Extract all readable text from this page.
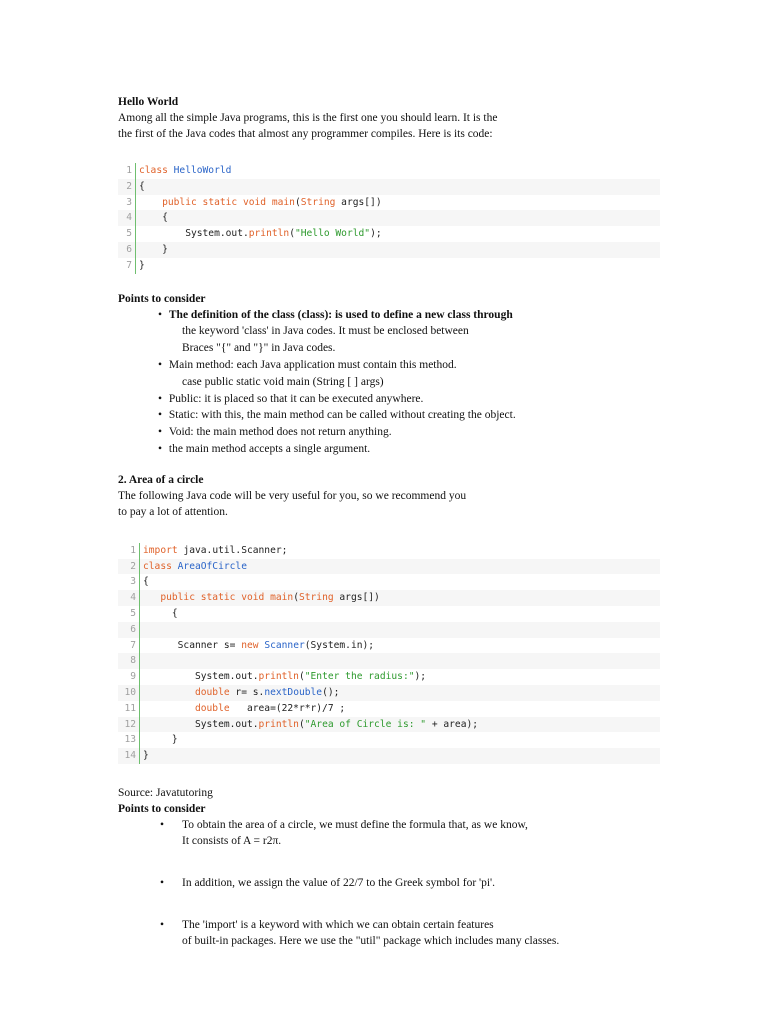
Hello World
Among all the simple Java programs, this is the first one you should learn. It is the
the first of the Java codes that almost any programmer compiles. Here is its code:
1 class HelloWorld
2 {
3	public static void main(String args[])
4 {
5 System.out.println("Hello World");
6 }
7 }
Points to consider
• The definition of the class (class): is used to define a new class through
the keyword 'class' in Java codes. It must be enclosed between
Braces "{" and "}" in Java codes.
• Main method: each Java application must contain this method.
case public static void main (String [ ] args)
• Public: it is placed so that it can be executed anywhere.
• Static: with this, the main method can be called without creating the object.
• Void: the main method does not return anything.
• the main method accepts a single argument.
2. Area of a circle
The following Java code will be very useful for you, so we recommend you
to pay a lot of attention.
1 import java.util.Scanner;
2 class AreaOfCircle
3 {
4	public static void main(String args[])
5 {
6
7 Scanner s= new Scanner(System.in);
8
9 System.out.println("Enter the radius:");
10	double r= s.nextDouble();
11	double   area=(22*r*r)/7 ;
12 System.out.println("Area of Circle is: " + area);
13 }
14 }
Source: Javatutoring
Points to consider
• To obtain the area of a circle, we must define the formula that, as we know,
It consists of A = r2π.
• In addition, we assign the value of 22/7 to the Greek symbol for 'pi'.
• The 'import' is a keyword with which we can obtain certain features
of built-in packages. Here we use the "util" package which includes many classes.
